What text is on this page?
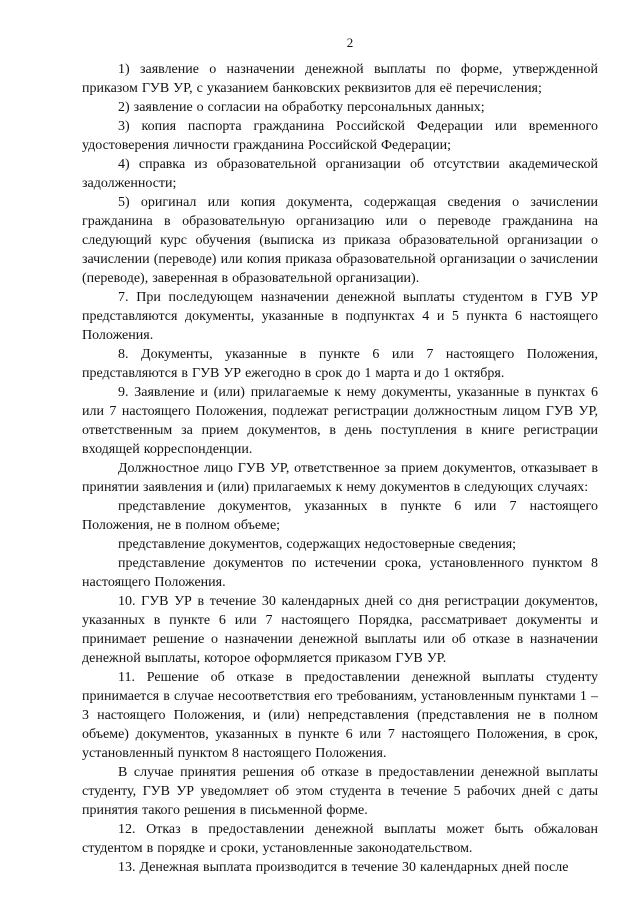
2

1) заявление о назначении денежной выплаты по форме, утвержденной приказом ГУВ УР, с указанием банковских реквизитов для её перечисления;

2) заявление о согласии на обработку персональных данных;

3) копия паспорта гражданина Российской Федерации или временного удостоверения личности гражданина Российской Федерации;

4) справка из образовательной организации об отсутствии академической задолженности;

5) оригинал или копия документа, содержащая сведения о зачислении гражданина в образовательную организацию или о переводе гражданина на следующий курс обучения (выписка из приказа образовательной организации о зачислении (переводе) или копия приказа образовательной организации о зачислении (переводе), заверенная в образовательной организации).

7. При последующем назначении денежной выплаты студентом в ГУВ УР представляются документы, указанные в подпунктах 4 и 5 пункта 6 настоящего Положения.

8. Документы, указанные в пункте 6 или 7 настоящего Положения, представляются в ГУВ УР ежегодно в срок до 1 марта и до 1 октября.

9. Заявление и (или) прилагаемые к нему документы, указанные в пунктах 6 или 7 настоящего Положения, подлежат регистрации должностным лицом ГУВ УР, ответственным за прием документов, в день поступления в книге регистрации входящей корреспонденции.

Должностное лицо ГУВ УР, ответственное за прием документов, отказывает в принятии заявления и (или) прилагаемых к нему документов в следующих случаях:

представление документов, указанных в пункте 6 или 7 настоящего Положения, не в полном объеме;

представление документов, содержащих недостоверные сведения;

представление документов по истечении срока, установленного пунктом 8 настоящего Положения.

10. ГУВ УР в течение 30 календарных дней со дня регистрации документов, указанных в пункте 6 или 7 настоящего Порядка, рассматривает документы и принимает решение о назначении денежной выплаты или об отказе в назначении денежной выплаты, которое оформляется приказом ГУВ УР.

11. Решение об отказе в предоставлении денежной выплаты студенту принимается в случае несоответствия его требованиям, установленным пунктами 1 – 3 настоящего Положения, и (или) непредставления (представления не в полном объеме) документов, указанных в пункте 6 или 7 настоящего Положения, в срок, установленный пунктом 8 настоящего Положения.

В случае принятия решения об отказе в предоставлении денежной выплаты студенту, ГУВ УР уведомляет об этом студента в течение 5 рабочих дней с даты принятия такого решения в письменной форме.

12. Отказ в предоставлении денежной выплаты может быть обжалован студентом в порядке и сроки, установленные законодательством.

13. Денежная выплата производится в течение 30 календарных дней после
